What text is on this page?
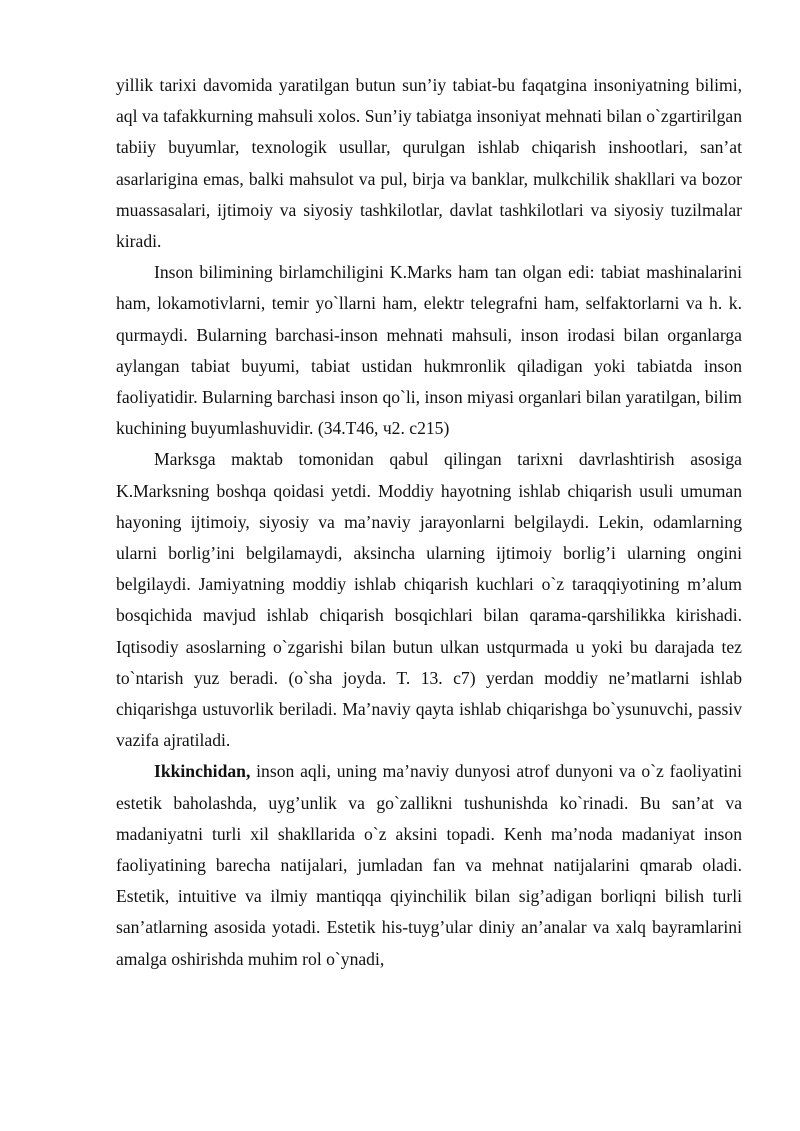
yillik tarixi davomida yaratilgan butun sun’iy tabiat-bu faqatgina insoniyatning bilimi, aql va tafakkurning mahsuli xolos. Sun’iy tabiatga insoniyat mehnati bilan o`zgartirilgan tabiiy buyumlar, texnologik usullar, qurulgan ishlab chiqarish inshootlari, san’at asarlarigina emas, balki mahsulot va pul, birja va banklar, mulkchilik shakllari va bozor muassasalari, ijtimoiy va siyosiy tashkilotlar, davlat tashkilotlari va siyosiy tuzilmalar kiradi.

Inson bilimining birlamchiligini K.Marks ham tan olgan edi: tabiat mashinalarini ham, lokamotivlarni, temir yo`llarni ham, elektr telegrafni ham, selfaktorlarni va h. k. qurmaydi. Bularning barchasi-inson mehnati mahsuli, inson irodasi bilan organlarga aylangan tabiat buyumi, tabiat ustidan hukmronlik qiladigan yoki tabiatda inson faoliyatidir. Bularning barchasi inson qo`li, inson miyasi organlari bilan yaratilgan, bilim kuchining buyumlashuvidir. (34.T46, ч2. c215)

Marksga maktab tomonidan qabul qilingan tarixni davrlashtirish asosiga K.Marksning boshqa qoidasi yetdi. Moddiy hayotning ishlab chiqarish usuli umuman hayoning ijtimoiy, siyosiy va ma’naviy jarayonlarni belgilaydi. Lekin, odamlarning ularni borlig’ini belgilamaydi, aksincha ularning ijtimoiy borlig’i ularning ongini belgilaydi. Jamiyatning moddiy ishlab chiqarish kuchlari o`z taraqqiyotining m’alum bosqichida mavjud ishlab chiqarish bosqichlari bilan qarama-qarshilikka kirishadi. Iqtisodiy asoslarning o`zgarishi bilan butun ulkan ustqurmada u yoki bu darajada tez to`ntarish yuz beradi. (o`sha joyda. T. 13. c7) yerdan moddiy ne’matlarni ishlab chiqarishga ustuvorlik beriladi. Ma’naviy qayta ishlab chiqarishga bo`ysunuvchi, passiv vazifa ajratiladi.

Ikkinchidan, inson aqli, uning ma’naviy dunyosi atrof dunyoni va o`z faoliyatini estetik baholashda, uyg’unlik va go`zallikni tushunishda ko`rinadi. Bu san’at va madaniyatni turli xil shakllarida o`z aksini topadi. Kenh ma’noda madaniyat inson faoliyatining barecha natijalari, jumladan fan va mehnat natijalarini qmarab oladi. Estetik, intuitive va ilmiy mantiqqa qiyinchilik bilan sig’adigan borliqni bilish turli san’atlarning asosida yotadi. Estetik his-tuyg’ular diniy an’analar va xalq bayramlarini amalga oshirishda muhim rol o`ynadi,
